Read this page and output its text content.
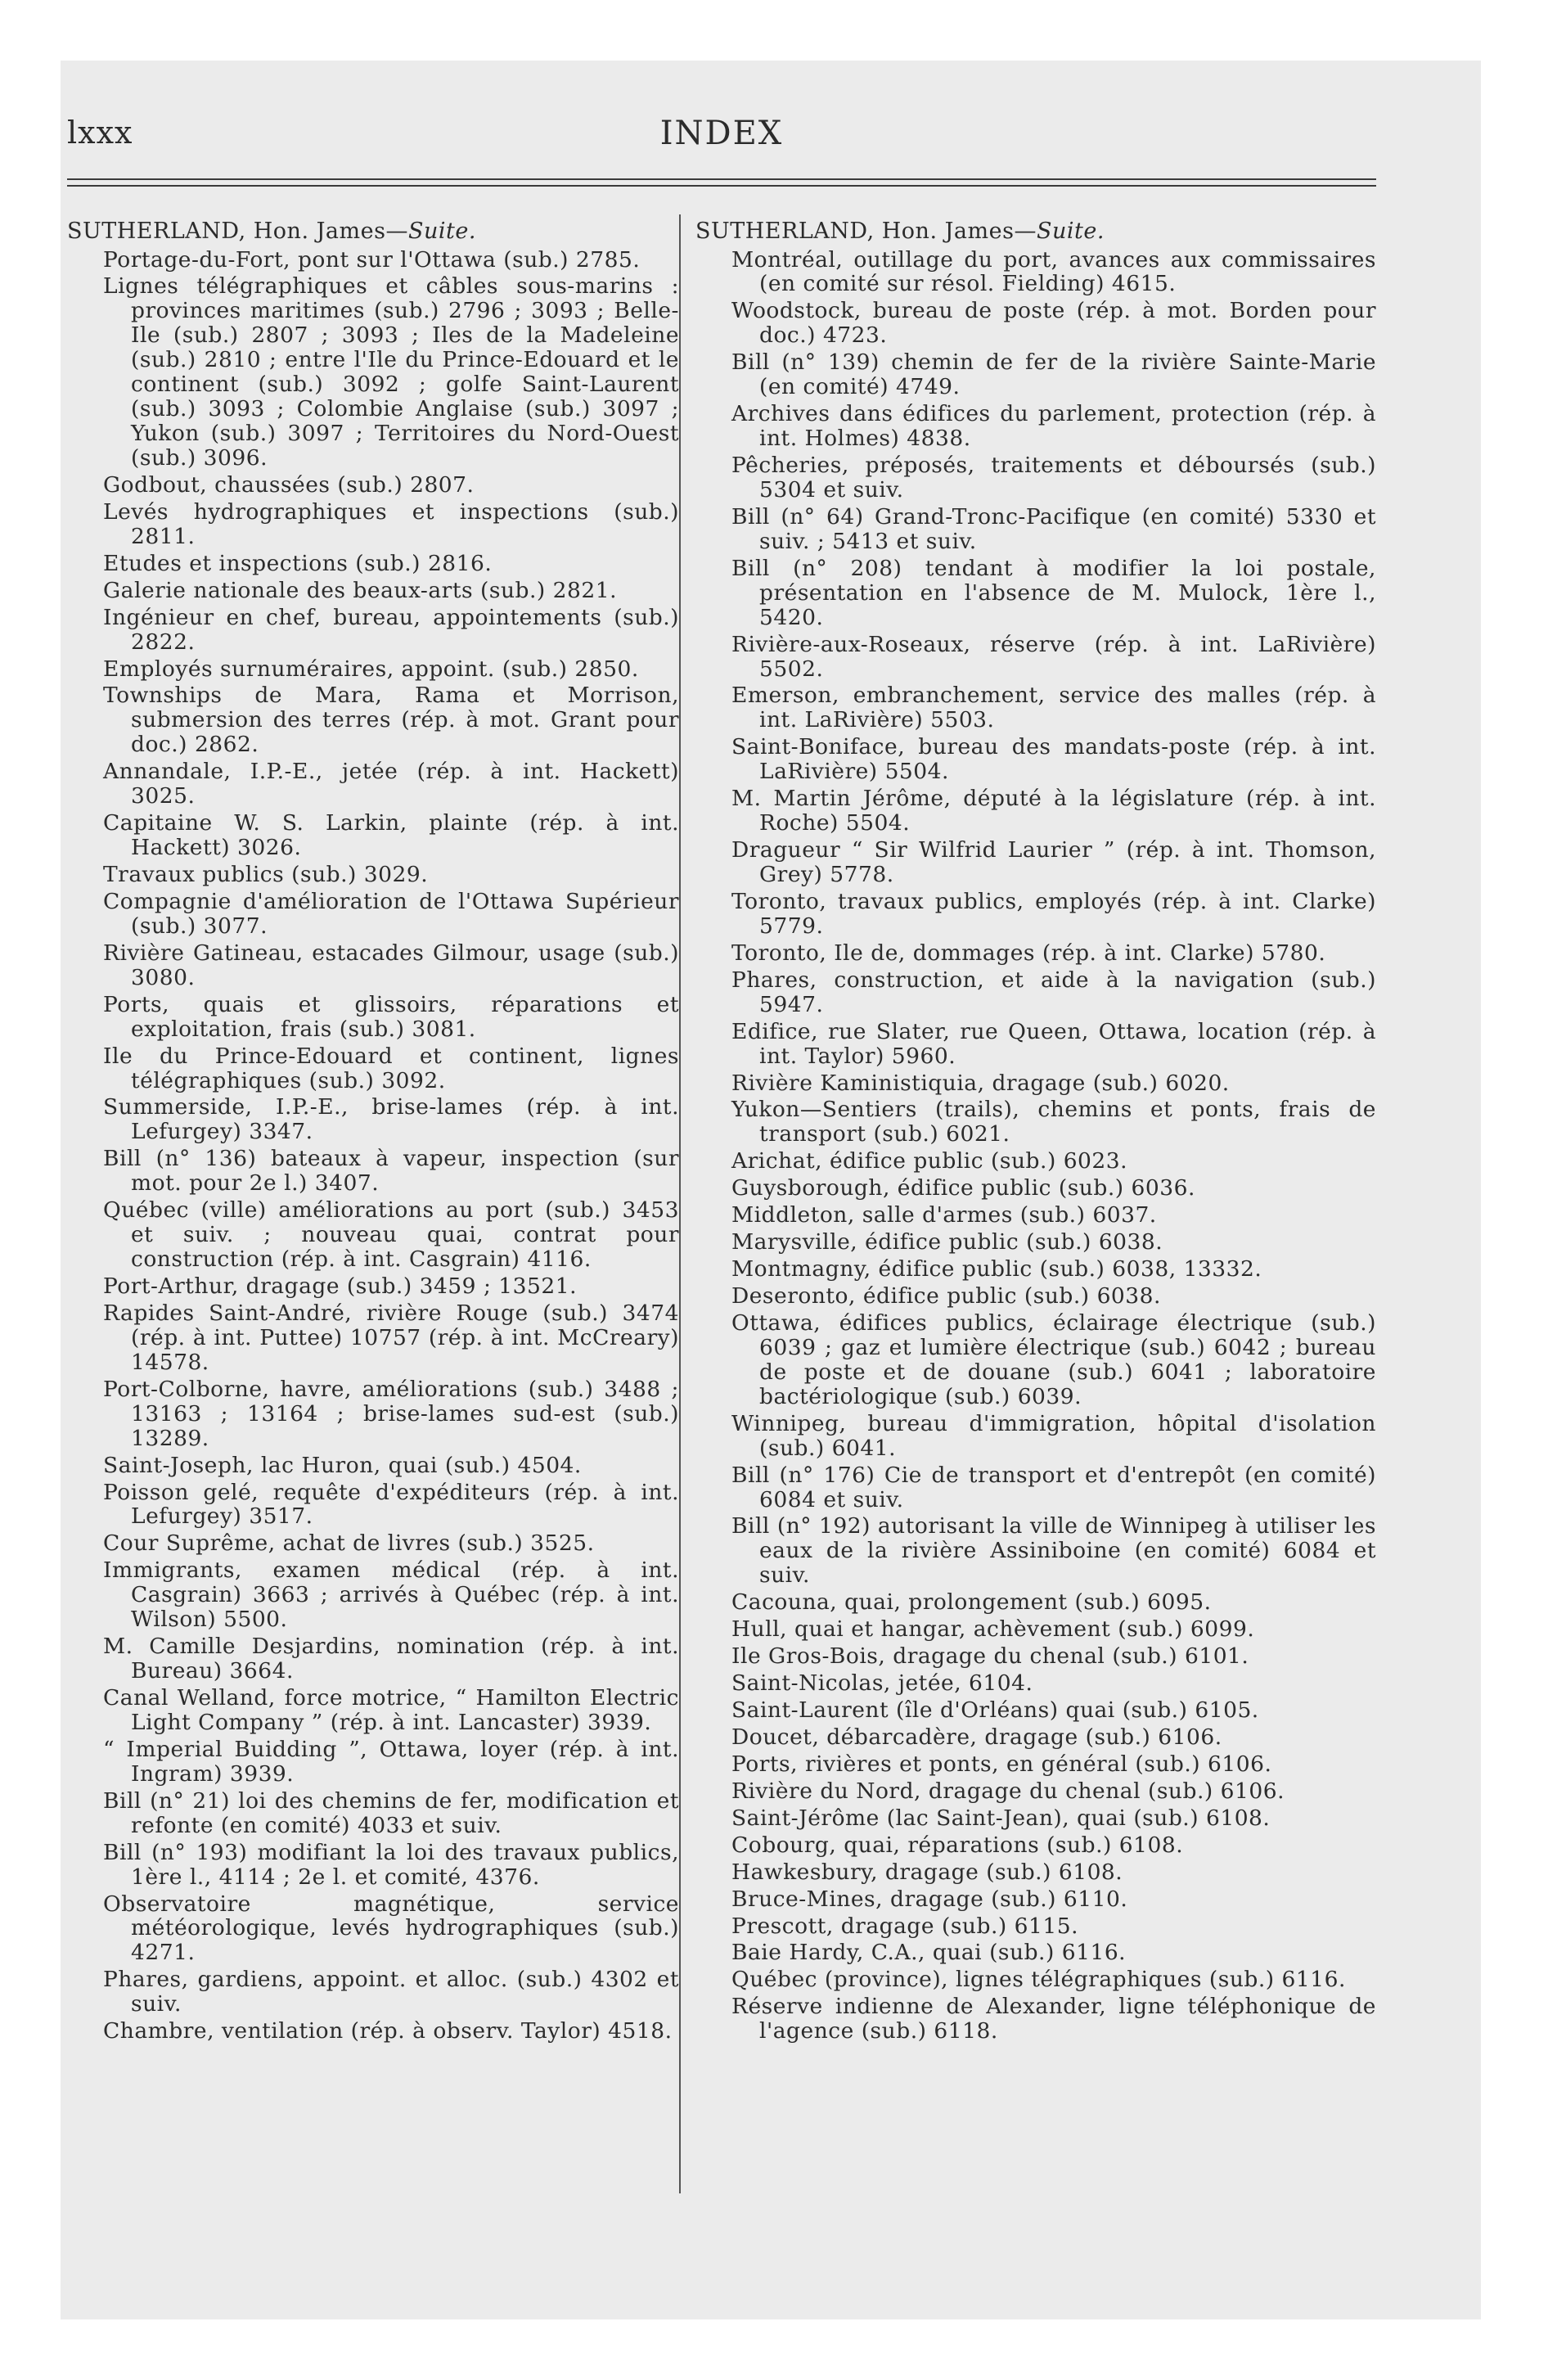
lxxx	INDEX

SUTHERLAND, Hon. James—Suite.

Portage-du-Fort, pont sur l'Ottawa (sub.) 2785.

Lignes télégraphiques et câbles sous-marins : provinces maritimes (sub.) 2796 ; 3093 ; Belle-Ile (sub.) 2807 ; 3093 ; Iles de la Madeleine (sub.) 2810 ; entre l'Ile du Prince-Edouard et le continent (sub.) 3092 ; golfe Saint-Laurent (sub.) 3093 ; Colombie Anglaise (sub.) 3097 ; Yukon (sub.) 3097 ; Territoires du Nord-Ouest (sub.) 3096.

Godbout, chaussées (sub.) 2807.

Levés hydrographiques et inspections (sub.) 2811.

Etudes et inspections (sub.) 2816.

Galerie nationale des beaux-arts (sub.) 2821.

Ingénieur en chef, bureau, appointements (sub.) 2822.

Employés surnuméraires, appoint. (sub.) 2850.

Townships de Mara, Rama et Morrison, submersion des terres (rép. à mot. Grant pour doc.) 2862.

Annandale, I.P.-E., jetée (rép. à int. Hackett) 3025.

Capitaine W. S. Larkin, plainte (rép. à int. Hackett) 3026.

Travaux publics (sub.) 3029.

Compagnie d'amélioration de l'Ottawa Supérieur (sub.) 3077.

Rivière Gatineau, estacades Gilmour, usage (sub.) 3080.

Ports, quais et glissoirs, réparations et exploitation, frais (sub.) 3081.

Ile du Prince-Edouard et continent, lignes télégraphiques (sub.) 3092.

Summerside, I.P.-E., brise-lames (rép. à int. Lefurgey) 3347.

Bill (n° 136) bateaux à vapeur, inspection (sur mot. pour 2e l.) 3407.

Québec (ville) améliorations au port (sub.) 3453 et suiv. ; nouveau quai, contrat pour construction (rép. à int. Casgrain) 4116.

Port-Arthur, dragage (sub.) 3459 ; 13521.

Rapides Saint-André, rivière Rouge (sub.) 3474 (rép. à int. Puttee) 10757 (rép. à int. McCreary) 14578.

Port-Colborne, havre, améliorations (sub.) 3488 ; 13163 ; 13164 ; brise-lames sud-est (sub.) 13289.

Saint-Joseph, lac Huron, quai (sub.) 4504.

Poisson gelé, requête d'expéditeurs (rép. à int. Lefurgey) 3517.

Cour Suprême, achat de livres (sub.) 3525.

Immigrants, examen médical (rép. à int. Casgrain) 3663 ; arrivés à Québec (rép. à int. Wilson) 5500.

M. Camille Desjardins, nomination (rép. à int. Bureau) 3664.

Canal Welland, force motrice, “ Hamilton Electric Light Company ” (rép. à int. Lancaster) 3939.

“ Imperial Buidding ”, Ottawa, loyer (rép. à int. Ingram) 3939.

Bill (n° 21) loi des chemins de fer, modification et refonte (en comité) 4033 et suiv.

Bill (n° 193) modifiant la loi des travaux publics, 1ère l., 4114 ; 2e l. et comité, 4376.

Observatoire magnétique, service météorologique, levés hydrographiques (sub.) 4271.

Phares, gardiens, appoint. et alloc. (sub.) 4302 et suiv.

Chambre, ventilation (rép. à observ. Taylor) 4518.

SUTHERLAND, Hon. James—Suite.

Montréal, outillage du port, avances aux commissaires (en comité sur résol. Fielding) 4615.

Woodstock, bureau de poste (rép. à mot. Borden pour doc.) 4723.

Bill (n° 139) chemin de fer de la rivière Sainte-Marie (en comité) 4749.

Archives dans édifices du parlement, protection (rép. à int. Holmes) 4838.

Pêcheries, préposés, traitements et déboursés (sub.) 5304 et suiv.

Bill (n° 64) Grand-Tronc-Pacifique (en comité) 5330 et suiv. ; 5413 et suiv.

Bill (n° 208) tendant à modifier la loi postale, présentation en l'absence de M. Mulock, 1ère l., 5420.

Rivière-aux-Roseaux, réserve (rép. à int. LaRivière) 5502.

Emerson, embranchement, service des malles (rép. à int. LaRivière) 5503.

Saint-Boniface, bureau des mandats-poste (rép. à int. LaRivière) 5504.

M. Martin Jérôme, député à la législature (rép. à int. Roche) 5504.

Dragueur “ Sir Wilfrid Laurier ” (rép. à int. Thomson, Grey) 5778.

Toronto, travaux publics, employés (rép. à int. Clarke) 5779.

Toronto, Ile de, dommages (rép. à int. Clarke) 5780.

Phares, construction, et aide à la navigation (sub.) 5947.

Edifice, rue Slater, rue Queen, Ottawa, location (rép. à int. Taylor) 5960.

Rivière Kaministiquia, dragage (sub.) 6020.

Yukon—Sentiers (trails), chemins et ponts, frais de transport (sub.) 6021.

Arichat, édifice public (sub.) 6023.

Guysborough, édifice public (sub.) 6036.

Middleton, salle d'armes (sub.) 6037.

Marysville, édifice public (sub.) 6038.

Montmagny, édifice public (sub.) 6038, 13332.

Deseronto, édifice public (sub.) 6038.

Ottawa, édifices publics, éclairage électrique (sub.) 6039 ; gaz et lumière électrique (sub.) 6042 ; bureau de poste et de douane (sub.) 6041 ; laboratoire bactériologique (sub.) 6039.

Winnipeg, bureau d'immigration, hôpital d'isolation (sub.) 6041.

Bill (n° 176) Cie de transport et d'entrepôt (en comité) 6084 et suiv.

Bill (n° 192) autorisant la ville de Winnipeg à utiliser les eaux de la rivière Assiniboine (en comité) 6084 et suiv.

Cacouna, quai, prolongement (sub.) 6095.

Hull, quai et hangar, achèvement (sub.) 6099.

Ile Gros-Bois, dragage du chenal (sub.) 6101.

Saint-Nicolas, jetée, 6104.

Saint-Laurent (île d'Orléans) quai (sub.) 6105.

Doucet, débarcadère, dragage (sub.) 6106.

Ports, rivières et ponts, en général (sub.) 6106.

Rivière du Nord, dragage du chenal (sub.) 6106.

Saint-Jérôme (lac Saint-Jean), quai (sub.) 6108.

Cobourg, quai, réparations (sub.) 6108.

Hawkesbury, dragage (sub.) 6108.

Bruce-Mines, dragage (sub.) 6110.

Prescott, dragage (sub.) 6115.

Baie Hardy, C.A., quai (sub.) 6116.

Québec (province), lignes télégraphiques (sub.) 6116.

Réserve indienne de Alexander, ligne téléphonique de l'agence (sub.) 6118.
